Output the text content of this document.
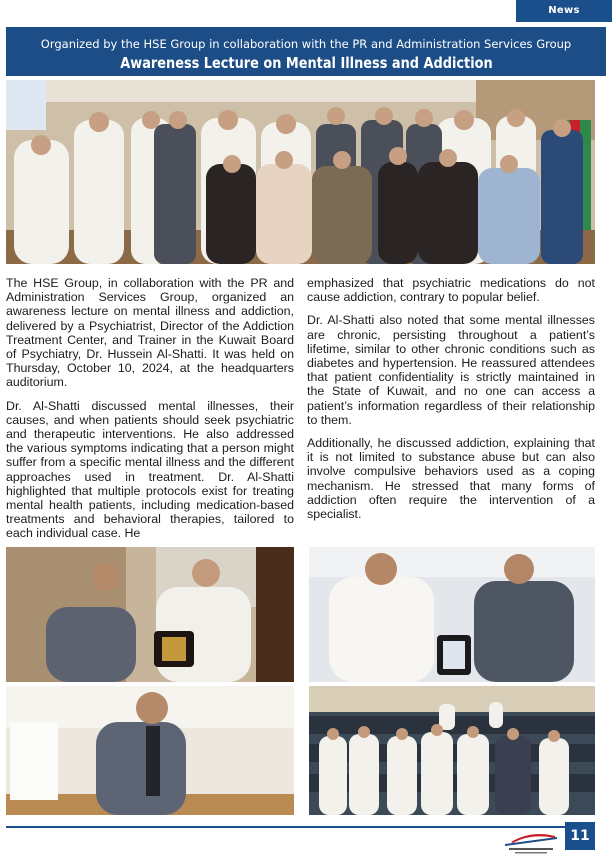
News
Organized by the HSE Group in collaboration with the PR and Administration Services Group
Awareness Lecture on Mental Illness and Addiction

The HSE Group, in collaboration with the PR and Administration Services Group, organized an awareness lecture on mental illness and addiction, delivered by a Psychiatrist, Director of the Addiction Treatment Center, and Trainer in the Kuwait Board of Psychiatry, Dr. Hussein Al-Shatti. It was held on Thursday, October 10, 2024, at the headquarters auditorium.

Dr. Al-Shatti discussed mental illnesses, their causes, and when patients should seek psychiatric and therapeutic interventions. He also addressed the various symptoms indicating that a person might suffer from a specific mental illness and the different approaches used in treatment. Dr. Al-Shatti highlighted that multiple protocols exist for treating mental health patients, including medication-based treatments and behavioral therapies, tailored to each individual case. He

emphasized that psychiatric medications do not cause addiction, contrary to popular belief.

Dr. Al-Shatti also noted that some mental illnesses are chronic, persisting throughout a patient’s lifetime, similar to other chronic conditions such as diabetes and hypertension. He reassured attendees that patient confidentiality is strictly maintained in the State of Kuwait, and no one can access a patient’s information regardless of their relationship to them.

Additionally, he discussed addiction, explaining that it is not limited to substance abuse but can also involve compulsive behaviors used as a coping mechanism. He stressed that many forms of addiction often require the intervention of a specialist.

11
